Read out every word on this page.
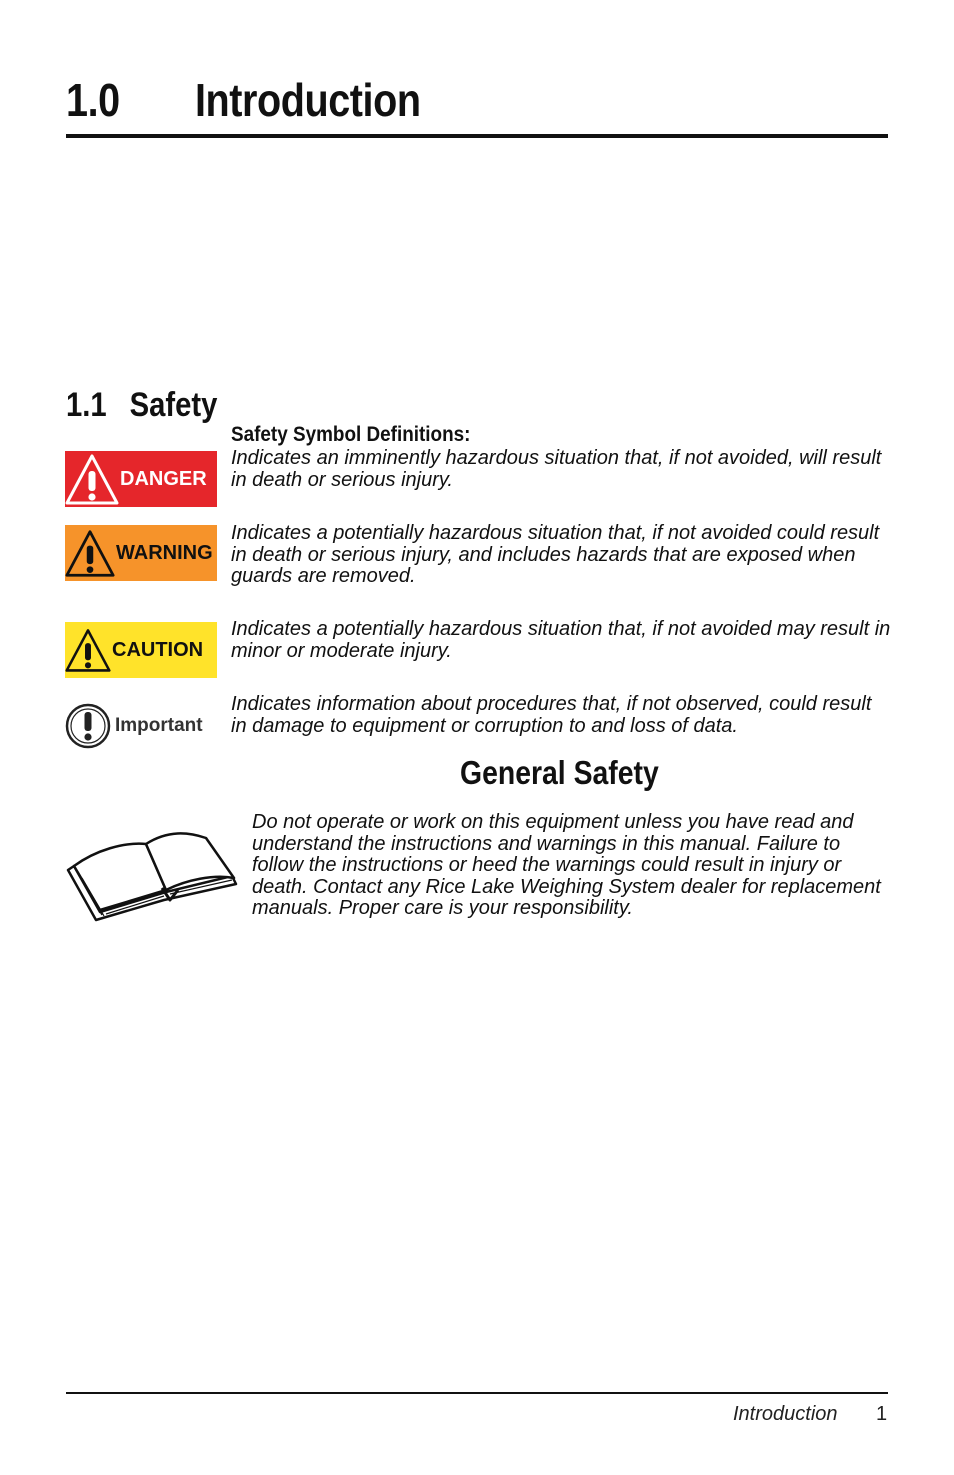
1.0 Introduction
1.1 Safety
Safety Symbol Definitions:
DANGER
Indicates an imminently hazardous situation that, if not avoided, will result in death or serious injury.
WARNING
Indicates a potentially hazardous situation that, if not avoided could result in death or serious injury, and includes hazards that are exposed when guards are removed.
CAUTION
Indicates a potentially hazardous situation that, if not avoided may result in minor or moderate injury.
Important
Indicates information about procedures that, if not observed, could result in damage to equipment or corruption to and loss of data.
General Safety
Do not operate or work on this equipment unless you have read and understand the instructions and warnings in this manual. Failure to follow the instructions or heed the warnings could result in injury or death. Contact any Rice Lake Weighing System dealer for replacement manuals. Proper care is your responsibility.
Introduction 1
